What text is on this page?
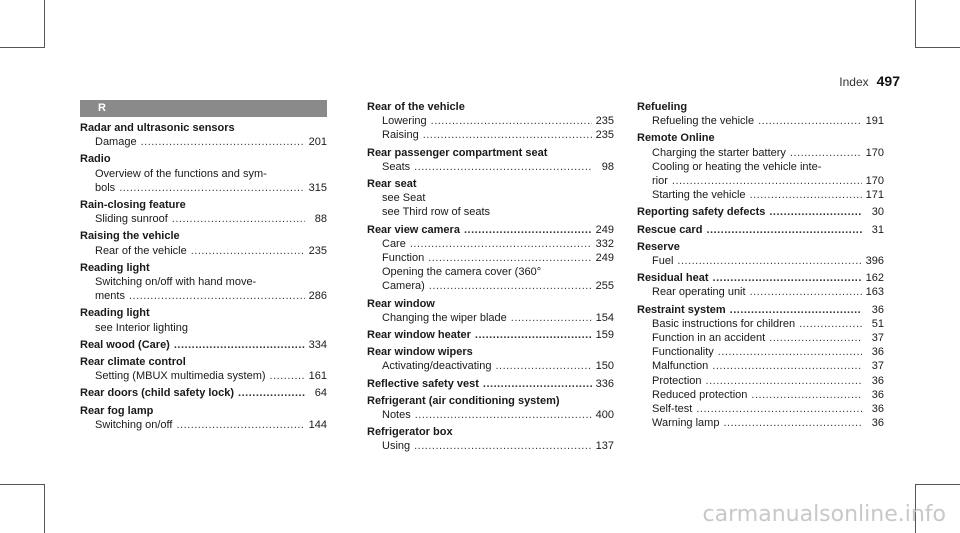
Index 497
R
Radar and ultrasonic sensors
Damage .....	201
Radio
Overview of the functions and sym-
bols .....	315
Rain-closing feature
Sliding sunroof .....	88
Raising the vehicle
Rear of the vehicle .....	235
Reading light
Switching on/off with hand move-
ments .....	286
Reading light
see Interior lighting
Real wood (Care) .....	334
Rear climate control
Setting (MBUX multimedia system) .....	161
Rear doors (child safety lock) .....	64
Rear fog lamp
Switching on/off .....	144
Rear of the vehicle
Lowering .....	235
Raising .....	235
Rear passenger compartment seat
Seats .....	98
Rear seat
see Seat
see Third row of seats
Rear view camera .....	249
Care .....	332
Function .....	249
Opening the camera cover (360°
Camera) .....	255
Rear window
Changing the wiper blade .....	154
Rear window heater .....	159
Rear window wipers
Activating/deactivating .....	150
Reflective safety vest .....	336
Refrigerant (air conditioning system)
Notes .....	400
Refrigerator box
Using .....	137
Refueling
Refueling the vehicle .....	191
Remote Online
Charging the starter battery .....	170
Cooling or heating the vehicle inte-
rior .....	170
Starting the vehicle .....	171
Reporting safety defects .....	30
Rescue card .....	31
Reserve
Fuel .....	396
Residual heat .....	162
Rear operating unit .....	163
Restraint system .....	36
Basic instructions for children .....	51
Function in an accident .....	37
Functionality .....	36
Malfunction .....	37
Protection .....	36
Reduced protection .....	36
Self-test .....	36
Warning lamp .....	36
carmanualsonline.info
